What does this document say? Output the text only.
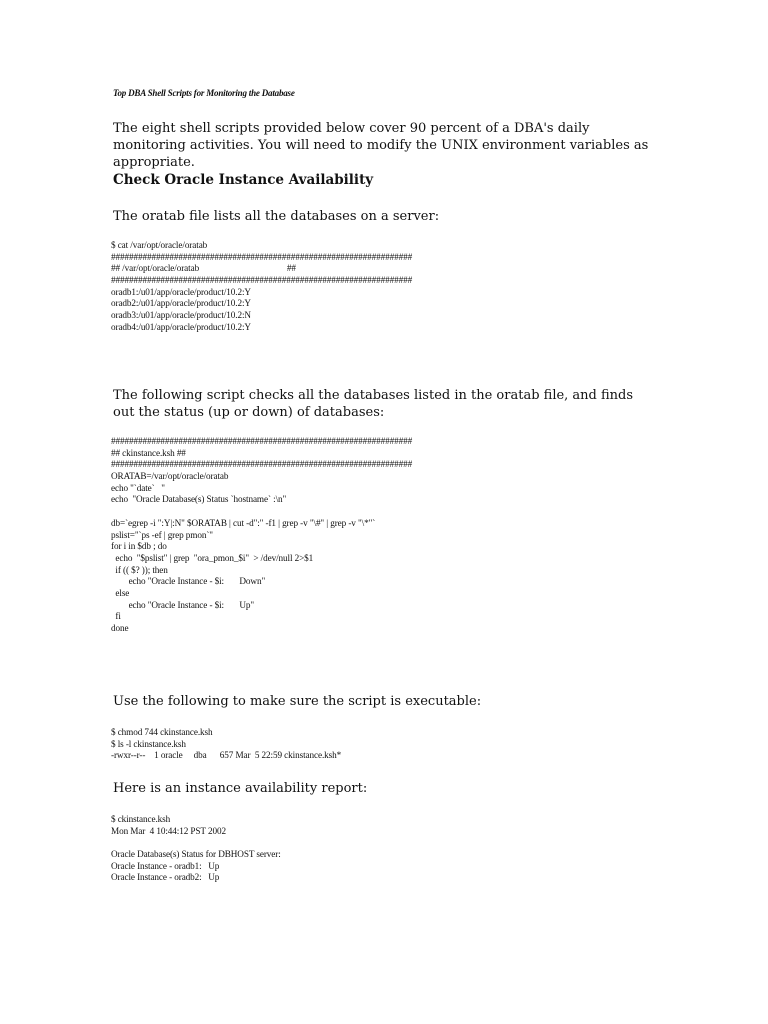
Top DBA Shell Scripts for Monitoring the Database
The eight shell scripts provided below cover 90 percent of a DBA's daily monitoring activities. You will need to modify the UNIX environment variables as appropriate.
Check Oracle Instance Availability
The oratab file lists all the databases on a server:
$ cat /var/opt/oracle/oratab
###################################################################
## /var/opt/oracle/oratab                                        ##
###################################################################
oradb1:/u01/app/oracle/product/10.2:Y
oradb2:/u01/app/oracle/product/10.2:Y
oradb3:/u01/app/oracle/product/10.2:N
oradb4:/u01/app/oracle/product/10.2:Y
The following script checks all the databases listed in the oratab file, and finds out the status (up or down) of databases:
###################################################################
## ckinstance.ksh ##
###################################################################
ORATAB=/var/opt/oracle/oratab
echo "`date`   "
echo  "Oracle Database(s) Status `hostname` :\n"
db=`egrep -i ":Y|:N" $ORATAB | cut -d":" -f1 | grep -v "\#" | grep -v "\*"`
pslist="`ps -ef | grep pmon`"
for i in $db ; do
echo  "$pslist" | grep  "ora_pmon_$i"  > /dev/null 2>$1
if (( $? )); then
echo "Oracle Instance - $i:       Down"
else
echo "Oracle Instance - $i:       Up"
fi
done
Use the following to make sure the script is executable:
$ chmod 744 ckinstance.ksh
$ ls -l ckinstance.ksh
-rwxr--r--    1 oracle     dba      657 Mar  5 22:59 ckinstance.ksh*
Here is an instance availability report:
$ ckinstance.ksh
Mon Mar  4 10:44:12 PST 2002
Oracle Database(s) Status for DBHOST server:
Oracle Instance - oradb1:   Up
Oracle Instance - oradb2:   Up
